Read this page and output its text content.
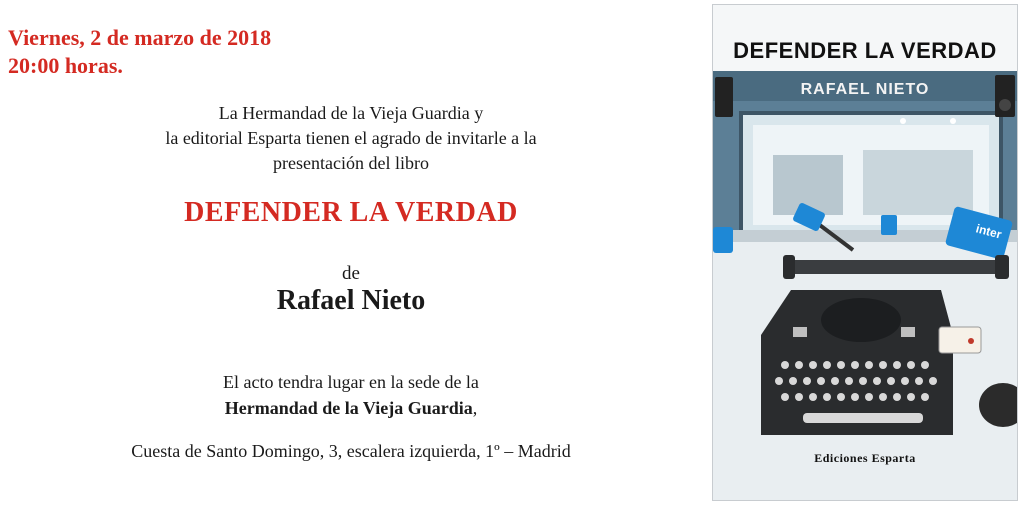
Viernes, 2 de marzo de 2018
20:00 horas.
La Hermandad de la Vieja Guardia y
la editorial Esparta tienen el agrado de invitarle a la
presentación del libro
DEFENDER LA VERDAD
de
Rafael Nieto
El acto tendra lugar en la sede de la
Hermandad de la Vieja Guardia,
Cuesta de Santo Domingo, 3, escalera izquierda, 1º – Madrid
inter
DEFENDER LA VERDAD
RAFAEL NIETO
Ediciones Esparta
